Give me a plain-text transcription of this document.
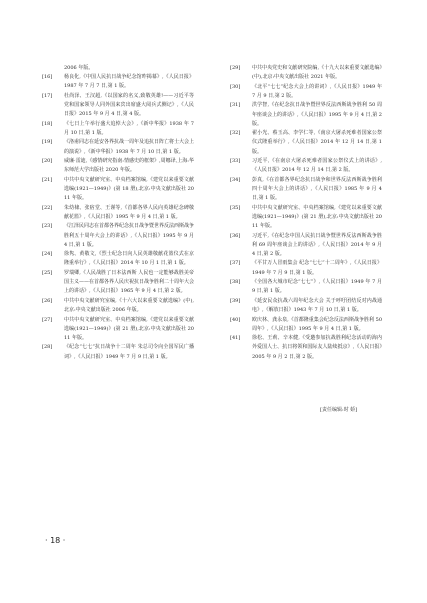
2006 年版。
[16]	杨良化,《中国人民抗日战争纪念馆昨揭幕》,《人民日报》1987 年 7 月 7 日,第 1 版。
[17]	杜尚泽、王汉超,《以国家的名义,致敬英雄!——习近平等党和国家领导人同外国来宾出席盛大阅兵式侧记》,《人民日报》2015 年 9 月 4 日,第 4 版。
[18]	《七日上午举行盛大追悼大会》,《新中华报》1938 年 7 月 10 日,第 1 版。
[19]	《洛甫同志在延安各界抗战一周年及追抗日阵亡将士大会上的演说》,《新中华报》1938 年 7 月 10 日,第 1 版。
[20]	威廉·雷迪,《感情研究指南:情感史的框架》,周娜译,上海:华东师范大学出版社 2020 年版。
[21]	中共中央文献研究室、中央档案馆编,《建党以来重要文献选编(1921—1949)》(第 18 册),北京:中央文献出版社 2011 年版。
[22]	朱幼棣、张宿堂、王谨等,《首都各界人民向英雄纪念碑敬献花篮》,《人民日报》1995 年 9 月 4 日,第 1 版。
[23]	《江泽民同志在首都各界纪念抗日战争暨世界反法西斯战争胜利五十周年大会上的讲话》,《人民日报》1995 年 9 月 4 日,第 1 版。
[24]	徐隽、黄敬文,《烈士纪念日向人民英雄敬献花篮仪式在京隆重举行》,《人民日报》2014 年 10 月 1 日,第 1 版。
[25]	罗瑞卿,《人民战胜了日本法西斯 人民也一定能够战胜美帝国主义——在首都各界人民庆祝抗日战争胜利二十周年大会上的讲话》,《人民日报》1965 年 9 月 4 日,第 2 版。
[26]	中共中央文献研究室编,《十六大以来重要文献选编》(中),北京:中央文献出版社 2006 年版。
[27]	中共中央文献研究室、中央档案馆编,《建党以来重要文献选编(1921—1949)》(第 21 册),北京:中央文献出版社 2011 年版。
[28]	《纪念“七七”抗日战争十二周年 朱总司令向全国军民广播词》,《人民日报》1949 年 7 月 9 日,第 1 版。
[29]	中共中央党史和文献研究院编,《十九大以来重要文献选编》(中),北京:中央文献出版社 2021 年版。
[30]	《北平“七七”纪念大会上的讲词》,《人民日报》1949 年 7 月 9 日,第 2 版。
[31]	洪学智,《在纪念抗日战争暨世界反法西斯战争胜利 50 周年座谈会上的讲话》,《人民日报》1995 年 9 月 4 日,第 2 版。
[32]	翟小光、蔡玉高、李学仁等,《南京大屠杀死难者国家公祭仪式隆重举行》,《人民日报》2014 年 12 月 14 日,第 1 版。
[33]	习近平,《在南京大屠杀死难者国家公祭仪式上的讲话》,《人民日报》2014 年 12 月 14 日,第 2 版。
[34]	彭真,《在首都各界纪念抗日战争和世界反法西斯战争胜利四十周年大会上的讲话》,《人民日报》1985 年 9 月 4 日,第 1 版。
[35]	中共中央文献研究室、中央档案馆编,《建党以来重要文献选编(1921—1949)》(第 21 册),北京:中央文献出版社 2011 年版。
[36]	习近平,《在纪念中国人民抗日战争暨世界反法西斯战争胜利 69 周年座谈会上的讲话》,《人民日报》2014 年 9 月 4 日,第 2 版。
[37]	《平甘万人冒雨集会 纪念“七七”十二周年》,《人民日报》1949 年 7 月 9 日,第 1 版。
[38]	《全国各大城市纪念“七七”》,《人民日报》1949 年 7 月 9 日,第 1 版。
[39]	《延安民众抗战六周年纪念大会 关于呼吁团结反对内战通电》,《解放日报》1943 年 7 月 10 日,第 1 版。
[40]	欧庆林、龚永泉,《首都隆重集会纪念反法西斯战争胜利 50 周年》,《人民日报》1995 年 9 月 4 日,第 1 版。
[41]	徐松、王莉、辛本健,《受邀参加抗战胜利纪念活动的海内外爱国人士、抗日将领和国际友人陆续抵京》,《人民日报》2005 年 9 月 2 日,第 2 版。
[责任编辑:时 娇]
· 18 ·
